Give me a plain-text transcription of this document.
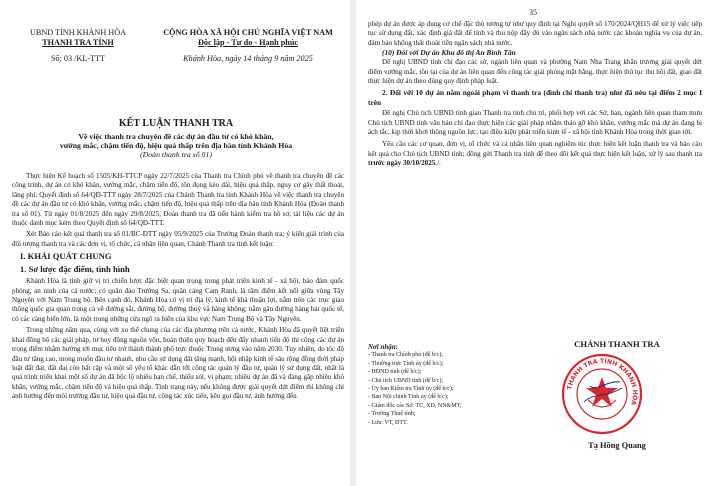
UBND TỈNH KHÁNH HÒA
THANH TRA TỈNH
Số: 03 /KL-TTT
CỘNG HÒA XÃ HỘI CHỦ NGHĨA VIỆT NAM
Độc lập - Tự do - Hạnh phúc
Khánh Hòa, ngày 14 tháng 9 năm 2025
KẾT LUẬN THANH TRA
Về việc thanh tra chuyên đề các dự án đầu tư có khó khăn,
vướng mắc, chậm tiến độ, hiệu quả thấp trên địa bàn tỉnh Khánh Hòa
(Đoàn thanh tra số 01)

Thực hiện Kế hoạch số 1505/KH-TTCP ngày 22/7/2025 của Thanh tra Chính phủ về thanh tra chuyên đề các công trình, dự án có khó khăn, vướng mắc, chậm tiến độ, tồn đọng kéo dài, hiệu quả thấp, nguy cơ gây thất thoát, lãng phí; Quyết định số 64/QĐ-TTT ngày 28/7/2025 của Chánh Thanh tra tỉnh Khánh Hòa về việc thanh tra chuyên đề các dự án đầu tư có khó khăn, vướng mắc, chậm tiến độ, hiệu quả thấp trên địa bàn tỉnh Khánh Hòa (Đoàn thanh tra số 01). Từ ngày 01/8/2025 đến ngày 29/8/2025, Đoàn thanh tra đã tiến hành kiểm tra hồ sơ, tài liệu các dự án thuộc danh mục kèm theo Quyết định số 64/QĐ-TTT.

Xét Báo cáo kết quả thanh tra số 01/BC-ĐTT ngày 05/9/2025 của Trưởng Đoàn thanh tra; ý kiến giải trình của đối tượng thanh tra và các đơn vị, tổ chức, cá nhân liên quan, Chánh Thanh tra tỉnh kết luận:

I. KHÁI QUÁT CHUNG
1. Sơ lược đặc điểm, tình hình

Khánh Hòa là tỉnh giữ vị trí chiến lược đặc biệt quan trọng trong phát triển kinh tế - xã hội, bảo đảm quốc phòng, an ninh của cả nước; có quân đảo Trường Sa, quân cảng Cam Ranh, là tâm điểm kết nối giữa vùng Tây Nguyên với Nam Trung bộ. Bên cạnh đó, Khánh Hòa có vị trí địa lý, kinh tế khá thuận lợi, nằm trên các trục giao thông quốc gia quan trọng cả về đường sắt, đường bộ, đường thuỷ và hàng không; nằm gần đường hàng hải quốc tế, có các cảng biển lớn, là một trong những cửa ngõ ra biển của khu vực Nam Trung Bộ và Tây Nguyên.

Trong những năm qua, cùng với xu thế chung của các địa phương trên cả nước, Khánh Hòa đã quyết liệt triển khai đồng bộ các giải pháp, tư huy động nguồn vốn, hoàn thiện quy hoạch đến đẩy nhanh tiến độ thi công các dự án trọng điểm nhằm hướng tới mục tiêu trở thành thành phố trực thuộc Trung ương vào năm 2030. Tuy nhiên, do tốc độ đầu tư tăng cao, mong muốn đầu tư nhanh, nhu cầu sử dụng đất tăng mạnh, hội nhập kinh tế sâu rộng đồng thời pháp luật đất đai, đất đai còn bất cập và một số yếu tố khác dẫn tới công tác quản lý đầu tư, quản lý sử dụng đất, nhất là quá trình triển khai một số dự án đã bộc lộ nhiều hạn chế, thiếu sót, vi phạm; nhiều dự án đã và đang gặp nhiều khó khăn, vướng mắc, chậm tiến độ và hiệu quả thấp. Tình trạng này, nếu không được giải quyết dứt điểm thì không chỉ ảnh hưởng đến môi trường đầu tư, hiệu quả đầu tư, công tác xúc tiến, kêu gọi đầu tư, ảnh hưởng đến

35

phép dự án được áp dụng cơ chế đặc thù tương tự như quy định tại Nghị quyết số 170/2024/QH15 để xử lý việc tiếp tục sử dụng đất, xác định giá đất để tính và thu nộp đầy đủ vào ngân sách nhà nước các khoản nghĩa vụ của dự án, đảm bảo không thất thoát tiền ngân sách nhà nước.

(10) Đối với Dự án Khu đô thị An Bình Tân

Đề nghị UBND tỉnh chỉ đạo các sở, ngành liên quan và phường Nam Nha Trang khẩn trương giải quyết dứt điểm vướng mắc, tồn tại của dự án liên quan đến công tác giải phóng mặt bằng, thực hiện thủ tục thu hồi đất, giao đất thực hiện dự án theo đúng quy định pháp luật.

2. Đối với 10 dự án nằm ngoài phạm vi thanh tra (đình chỉ thanh tra) như đã nêu tại điểm 2 mục I trên

Đề nghị Chủ tịch UBND tỉnh giao Thanh tra tỉnh chủ trì, phối hợp với các Sở, ban, ngành liên quan tham mưu Chủ tịch UBND tỉnh văn bản chỉ đạo thực hiện các giải pháp nhằm tháo gỡ khó khăn, vướng mắc mà dự án đang bị ách tắc, kịp thời khơi thông nguồn lực, tạo điều kiện phát triển kinh tế - xã hội tỉnh Khánh Hòa trong thời gian tới.

Yêu cầu các cơ quan, đơn vị, tổ chức và cá nhân liên quan nghiêm túc thực hiện kết luận thanh tra và báo cáo kết quả cho Chủ tịch UBND tỉnh; đồng gửi Thanh tra tỉnh để theo dõi kết quả thực hiện kết luận, xử lý sau thanh tra trước ngày 30/10/2025./.

Nơi nhận:
- Thanh tra Chính phủ (để b/c);
- Thường trực Tỉnh ủy (để b/c);
- HĐND tỉnh (để b/c);
- Chủ tịch UBND tỉnh (để b/c);
- Ủy ban Kiểm tra Tỉnh ủy (để b/c);
- Ban Nội chính Tỉnh ủy (để b/c);
- Giám đốc các Sở: TC, XD, NN&MT;
- Trưởng Thuế tỉnh;
- Lưu: VT, ĐTT.
CHÁNH THANH TRA
THANH TRA TỈNH KHÁNH HÒA
Tạ Hồng Quang
